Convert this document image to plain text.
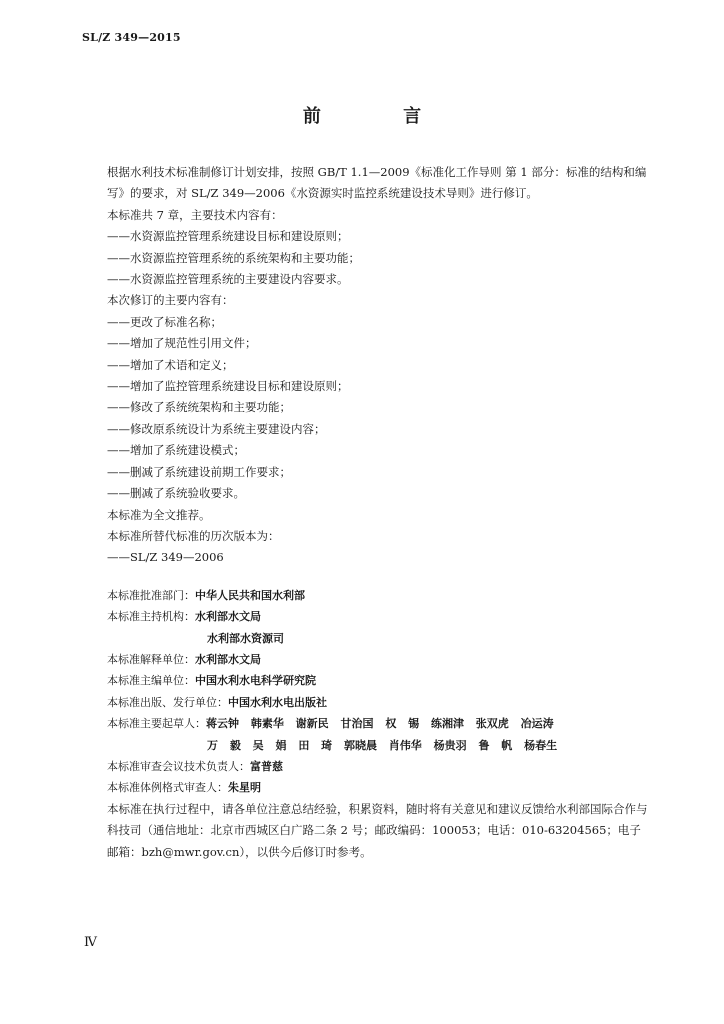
SL/Z 349—2015
前 言

根据水利技术标准制修订计划安排，按照 GB/T 1.1—2009《标准化工作导则 第 1 部分：标准的结构和编写》的要求，对 SL/Z 349—2006《水资源实时监控系统建设技术导则》进行修订。

本标准共 7 章，主要技术内容有：

——水资源监控管理系统建设目标和建设原则；

——水资源监控管理系统的系统架构和主要功能；

——水资源监控管理系统的主要建设内容要求。

本次修订的主要内容有：

——更改了标准名称；

——增加了规范性引用文件；

——增加了术语和定义；

——增加了监控管理系统建设目标和建设原则；

——修改了系统统架构和主要功能；

——修改原系统设计为系统主要建设内容；

——增加了系统建设模式；

——删减了系统建设前期工作要求；

——删减了系统验收要求。

本标准为全文推荐。

本标准所替代标准的历次版本为：

——SL/Z 349—2006

本标准批准部门：中华人民共和国水利部

本标准主持机构：水利部水文局

水利部水资源司

本标准解释单位：水利部水文局

本标准主编单位：中国水利水电科学研究院

本标准出版、发行单位：中国水利水电出版社

本标准主要起草人：蒋云钟 韩素华 谢新民 甘治国 权 锡 练湘津 张双虎 冶运涛

万 毅 吴 娟 田 琦 郭晓晨 肖伟华 杨贵羽 鲁 帆 杨春生

本标准审查会议技术负责人：富普慈

本标准体例格式审查人：朱星明

本标准在执行过程中，请各单位注意总结经验，积累资料，随时将有关意见和建议反馈给水利部国际合作与科技司（通信地址：北京市西城区白广路二条 2 号；邮政编码：100053；电话：010-63204565；电子邮箱：bzh@mwr.gov.cn），以供今后修订时参考。

Ⅳ
